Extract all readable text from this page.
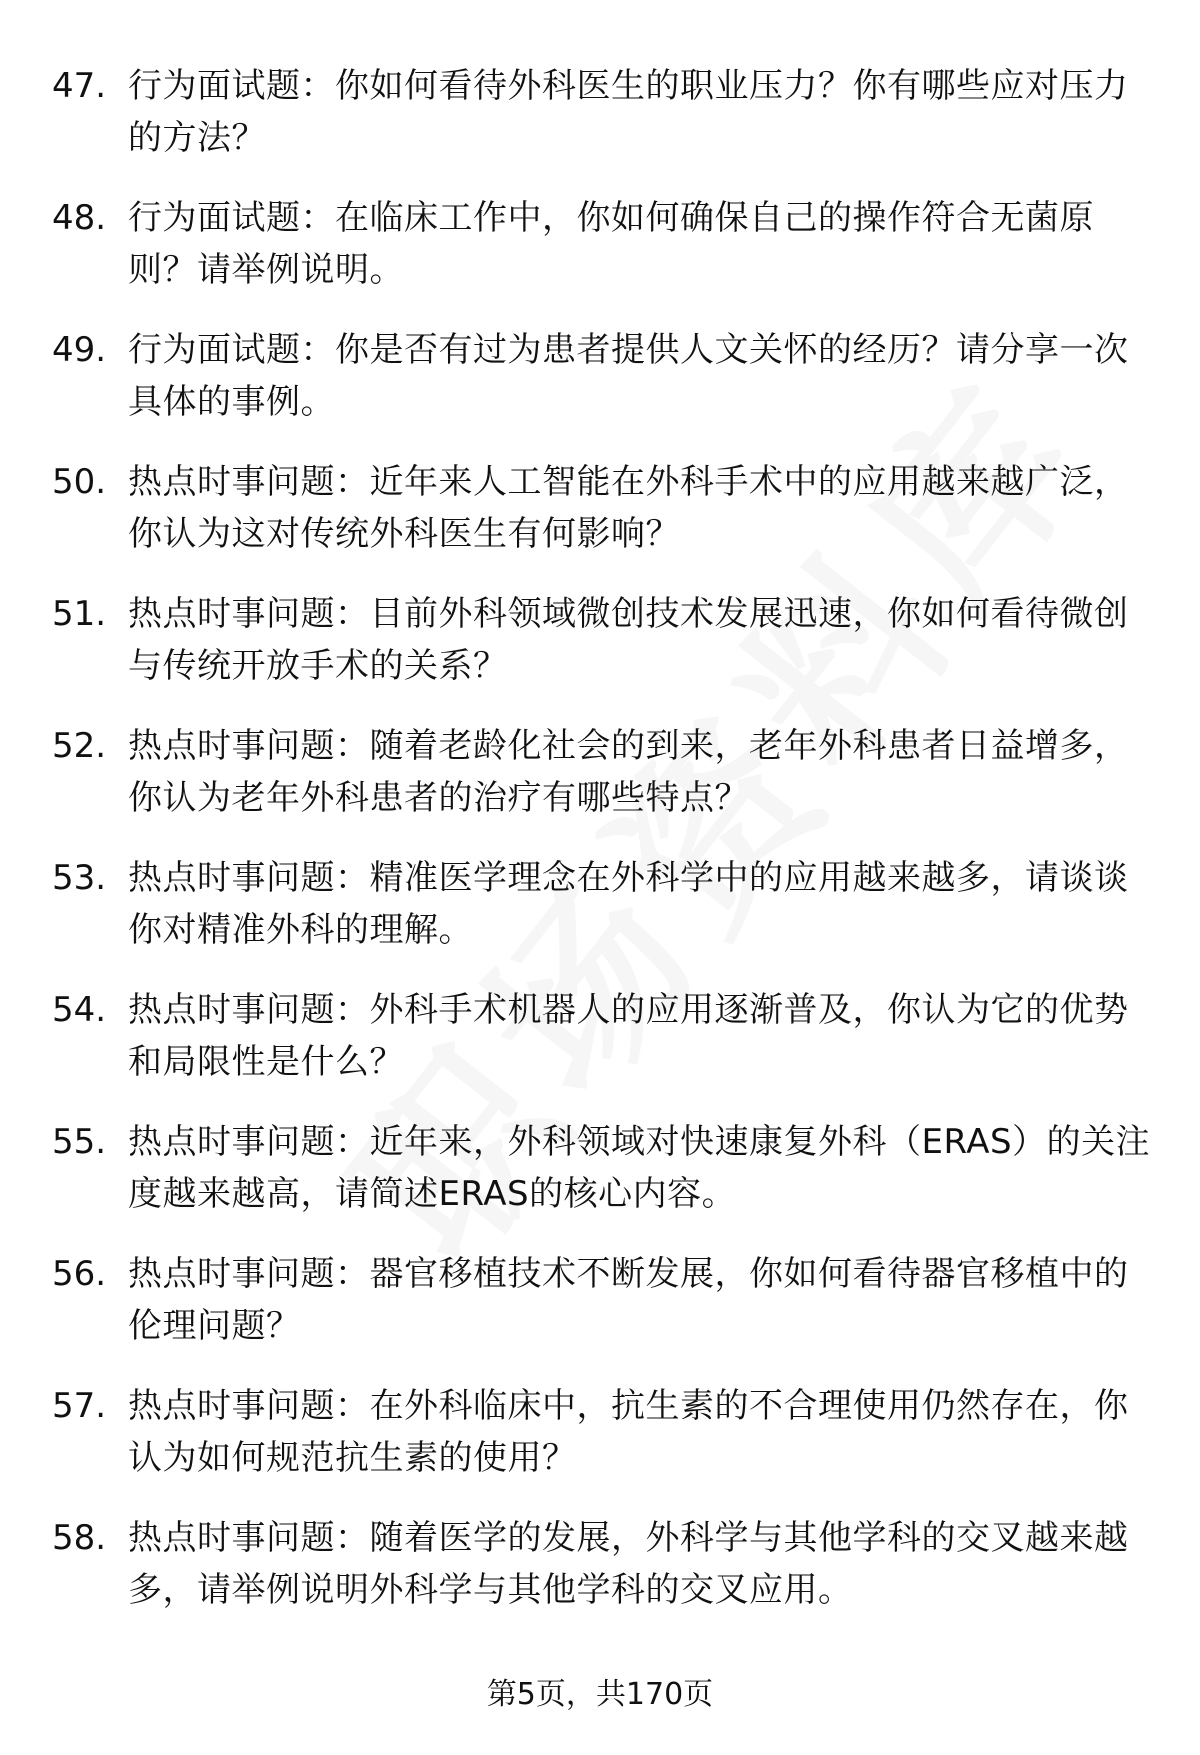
47. 行为面试题：你如何看待外科医生的职业压力？你有哪些应对压力的方法？
48. 行为面试题：在临床工作中，你如何确保自己的操作符合无菌原则？请举例说明。
49. 行为面试题：你是否有过为患者提供人文关怀的经历？请分享一次具体的事例。
50. 热点时事问题：近年来人工智能在外科手术中的应用越来越广泛，你认为这对传统外科医生有何影响？
51. 热点时事问题：目前外科领域微创技术发展迅速，你如何看待微创与传统开放手术的关系？
52. 热点时事问题：随着老龄化社会的到来，老年外科患者日益增多，你认为老年外科患者的治疗有哪些特点？
53. 热点时事问题：精准医学理念在外科学中的应用越来越多，请谈谈你对精准外科的理解。
54. 热点时事问题：外科手术机器人的应用逐渐普及，你认为它的优势和局限性是什么？
55. 热点时事问题：近年来，外科领域对快速康复外科（ERAS）的关注度越来越高，请简述ERAS的核心内容。
56. 热点时事问题：器官移植技术不断发展，你如何看待器官移植中的伦理问题？
57. 热点时事问题：在外科临床中，抗生素的不合理使用仍然存在，你认为如何规范抗生素的使用？
58. 热点时事问题：随着医学的发展，外科学与其他学科的交叉越来越多，请举例说明外科学与其他学科的交叉应用。
第5页，共170页
